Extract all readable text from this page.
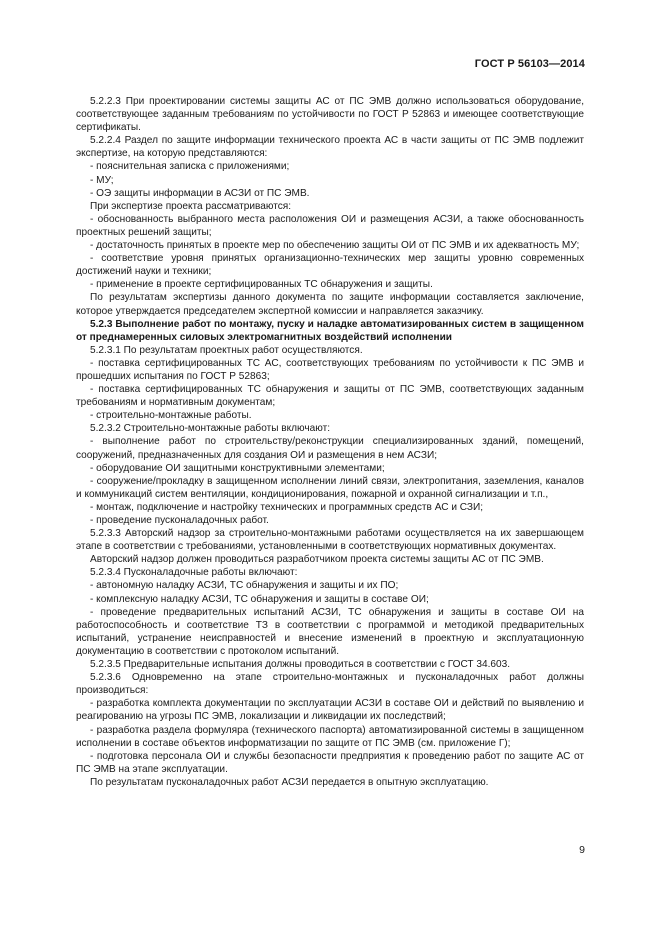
ГОСТ Р 56103—2014

5.2.2.3 При проектировании системы защиты АС от ПС ЭМВ должно использоваться оборудование, соответствующее заданным требованиям по устойчивости по ГОСТ Р 52863 и имеющее соответствующие сертификаты.

5.2.2.4 Раздел по защите информации технического проекта АС в части защиты от ПС ЭМВ подлежит экспертизе, на которую представляются:

- пояснительная записка с приложениями;

- МУ;

- ОЭ защиты информации в АСЗИ от ПС ЭМВ.

При экспертизе проекта рассматриваются:

- обоснованность выбранного места расположения ОИ и размещения АСЗИ, а также обоснованность проектных решений защиты;

- достаточность принятых в проекте мер по обеспечению защиты ОИ от ПС ЭМВ и их адекватность МУ;

- соответствие уровня принятых организационно-технических мер защиты уровню современных достижений науки и техники;

- применение в проекте сертифицированных ТС обнаружения и защиты.

По результатам экспертизы данного документа по защите информации составляется заключение, которое утверждается председателем экспертной комиссии и направляется заказчику.

5.2.3 Выполнение работ по монтажу, пуску и наладке автоматизированных систем в защищенном от преднамеренных силовых электромагнитных воздействий исполнении

5.2.3.1 По результатам проектных работ осуществляются.

- поставка сертифицированных ТС АС, соответствующих требованиям по устойчивости к ПС ЭМВ и прошедших испытания по ГОСТ Р 52863;

- поставка сертифицированных ТС обнаружения и защиты от ПС ЭМВ, соответствующих заданным требованиям и нормативным документам;

- строительно-монтажные работы.

5.2.3.2 Строительно-монтажные работы включают:

- выполнение работ по строительству/реконструкции специализированных зданий, помещений, сооружений, предназначенных для создания ОИ и размещения в нем АСЗИ;

- оборудование ОИ защитными конструктивными элементами;

- сооружение/прокладку в защищенном исполнении линий связи, электропитания, заземления, каналов и коммуникаций систем вентиляции, кондиционирования, пожарной и охранной сигнализации и т.п.,

- монтаж, подключение и настройку технических и программных средств АС и СЗИ;

- проведение пусконаладочных работ.

5.2.3.3 Авторский надзор за строительно-монтажными работами осуществляется на их завершающем этапе в соответствии с требованиями, установленными в соответствующих нормативных документах.

Авторский надзор должен проводиться разработчиком проекта системы защиты АС от ПС ЭМВ.

5.2.3.4 Пусконаладочные работы включают:

- автономную наладку АСЗИ, ТС обнаружения и защиты и их ПО;

- комплексную наладку АСЗИ, ТС обнаружения и защиты в составе ОИ;

- проведение предварительных испытаний АСЗИ, ТС обнаружения и защиты в составе ОИ на работоспособность и соответствие ТЗ в соответствии с программой и методикой предварительных испытаний, устранение неисправностей и внесение изменений в проектную и эксплуатационную документацию в соответствии с протоколом испытаний.

5.2.3.5 Предварительные испытания должны проводиться в соответствии с ГОСТ 34.603.

5.2.3.6 Одновременно на этапе строительно-монтажных и пусконаладочных работ должны производиться:

- разработка комплекта документации по эксплуатации АСЗИ в составе ОИ и действий по выявлению и реагированию на угрозы ПС ЭМВ, локализации и ликвидации их последствий;

- разработка раздела формуляра (технического паспорта) автоматизированной системы в защищенном исполнении в составе объектов информатизации по защите от ПС ЭМВ (см. приложение Г);

- подготовка персонала ОИ и службы безопасности предприятия к проведению работ по защите АС от ПС ЭМВ на этапе эксплуатации.

По результатам пусконаладочных работ АСЗИ передается в опытную эксплуатацию.

9
